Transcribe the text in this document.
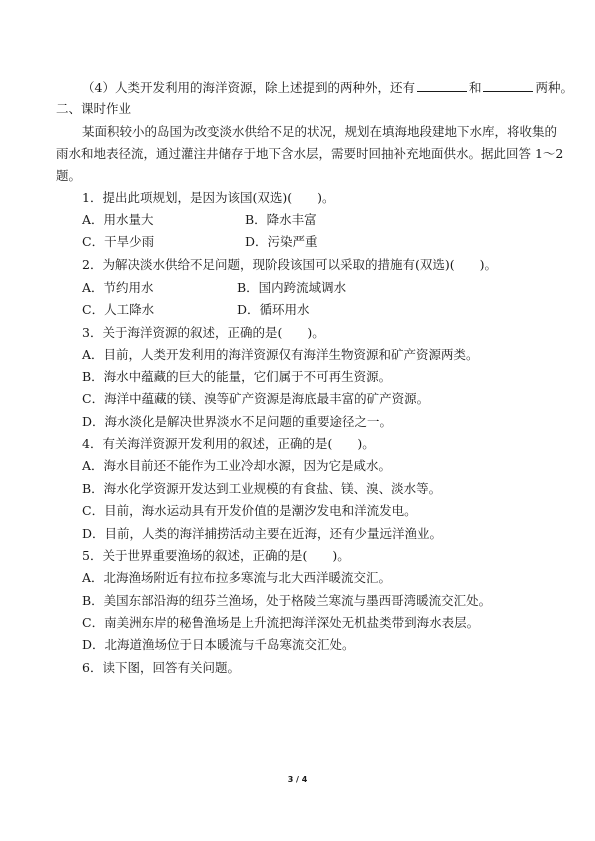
（4）人类开发利用的海洋资源，除上述提到的两种外，还有	和	两种。
二、课时作业
某面积较小的岛国为改变淡水供给不足的状况，规划在填海地段建地下水库，将收集的
雨水和地表径流，通过灌注井储存于地下含水层，需要时回抽补充地面供水。据此回答 1～2
题。
1．提出此项规划，是因为该国(双选)(　　)。
A．用水量大	B．降水丰富
C．干旱少雨	D．污染严重
2．为解决淡水供给不足问题，现阶段该国可以采取的措施有(双选)(　　)。
A．节约用水	B．国内跨流域调水
C．人工降水	D．循环用水
3．关于海洋资源的叙述，正确的是(　　)。
A．目前，人类开发利用的海洋资源仅有海洋生物资源和矿产资源两类。
B．海水中蕴藏的巨大的能量，它们属于不可再生资源。
C．海洋中蕴藏的镁、溴等矿产资源是海底最丰富的矿产资源。
D．海水淡化是解决世界淡水不足问题的重要途径之一。
4．有关海洋资源开发利用的叙述，正确的是(　　)。
A．海水目前还不能作为工业冷却水源，因为它是咸水。
B．海水化学资源开发达到工业规模的有食盐、镁、溴、淡水等。
C．目前，海水运动具有开发价值的是潮汐发电和洋流发电。
D．目前，人类的海洋捕捞活动主要在近海，还有少量远洋渔业。
5．关于世界重要渔场的叙述，正确的是(　　)。
A．北海渔场附近有拉布拉多寒流与北大西洋暖流交汇。
B．美国东部沿海的纽芬兰渔场，处于格陵兰寒流与墨西哥湾暖流交汇处。
C．南美洲东岸的秘鲁渔场是上升流把海洋深处无机盐类带到海水表层。
D．北海道渔场位于日本暖流与千岛寒流交汇处。
6．读下图，回答有关问题。
3 / 4
